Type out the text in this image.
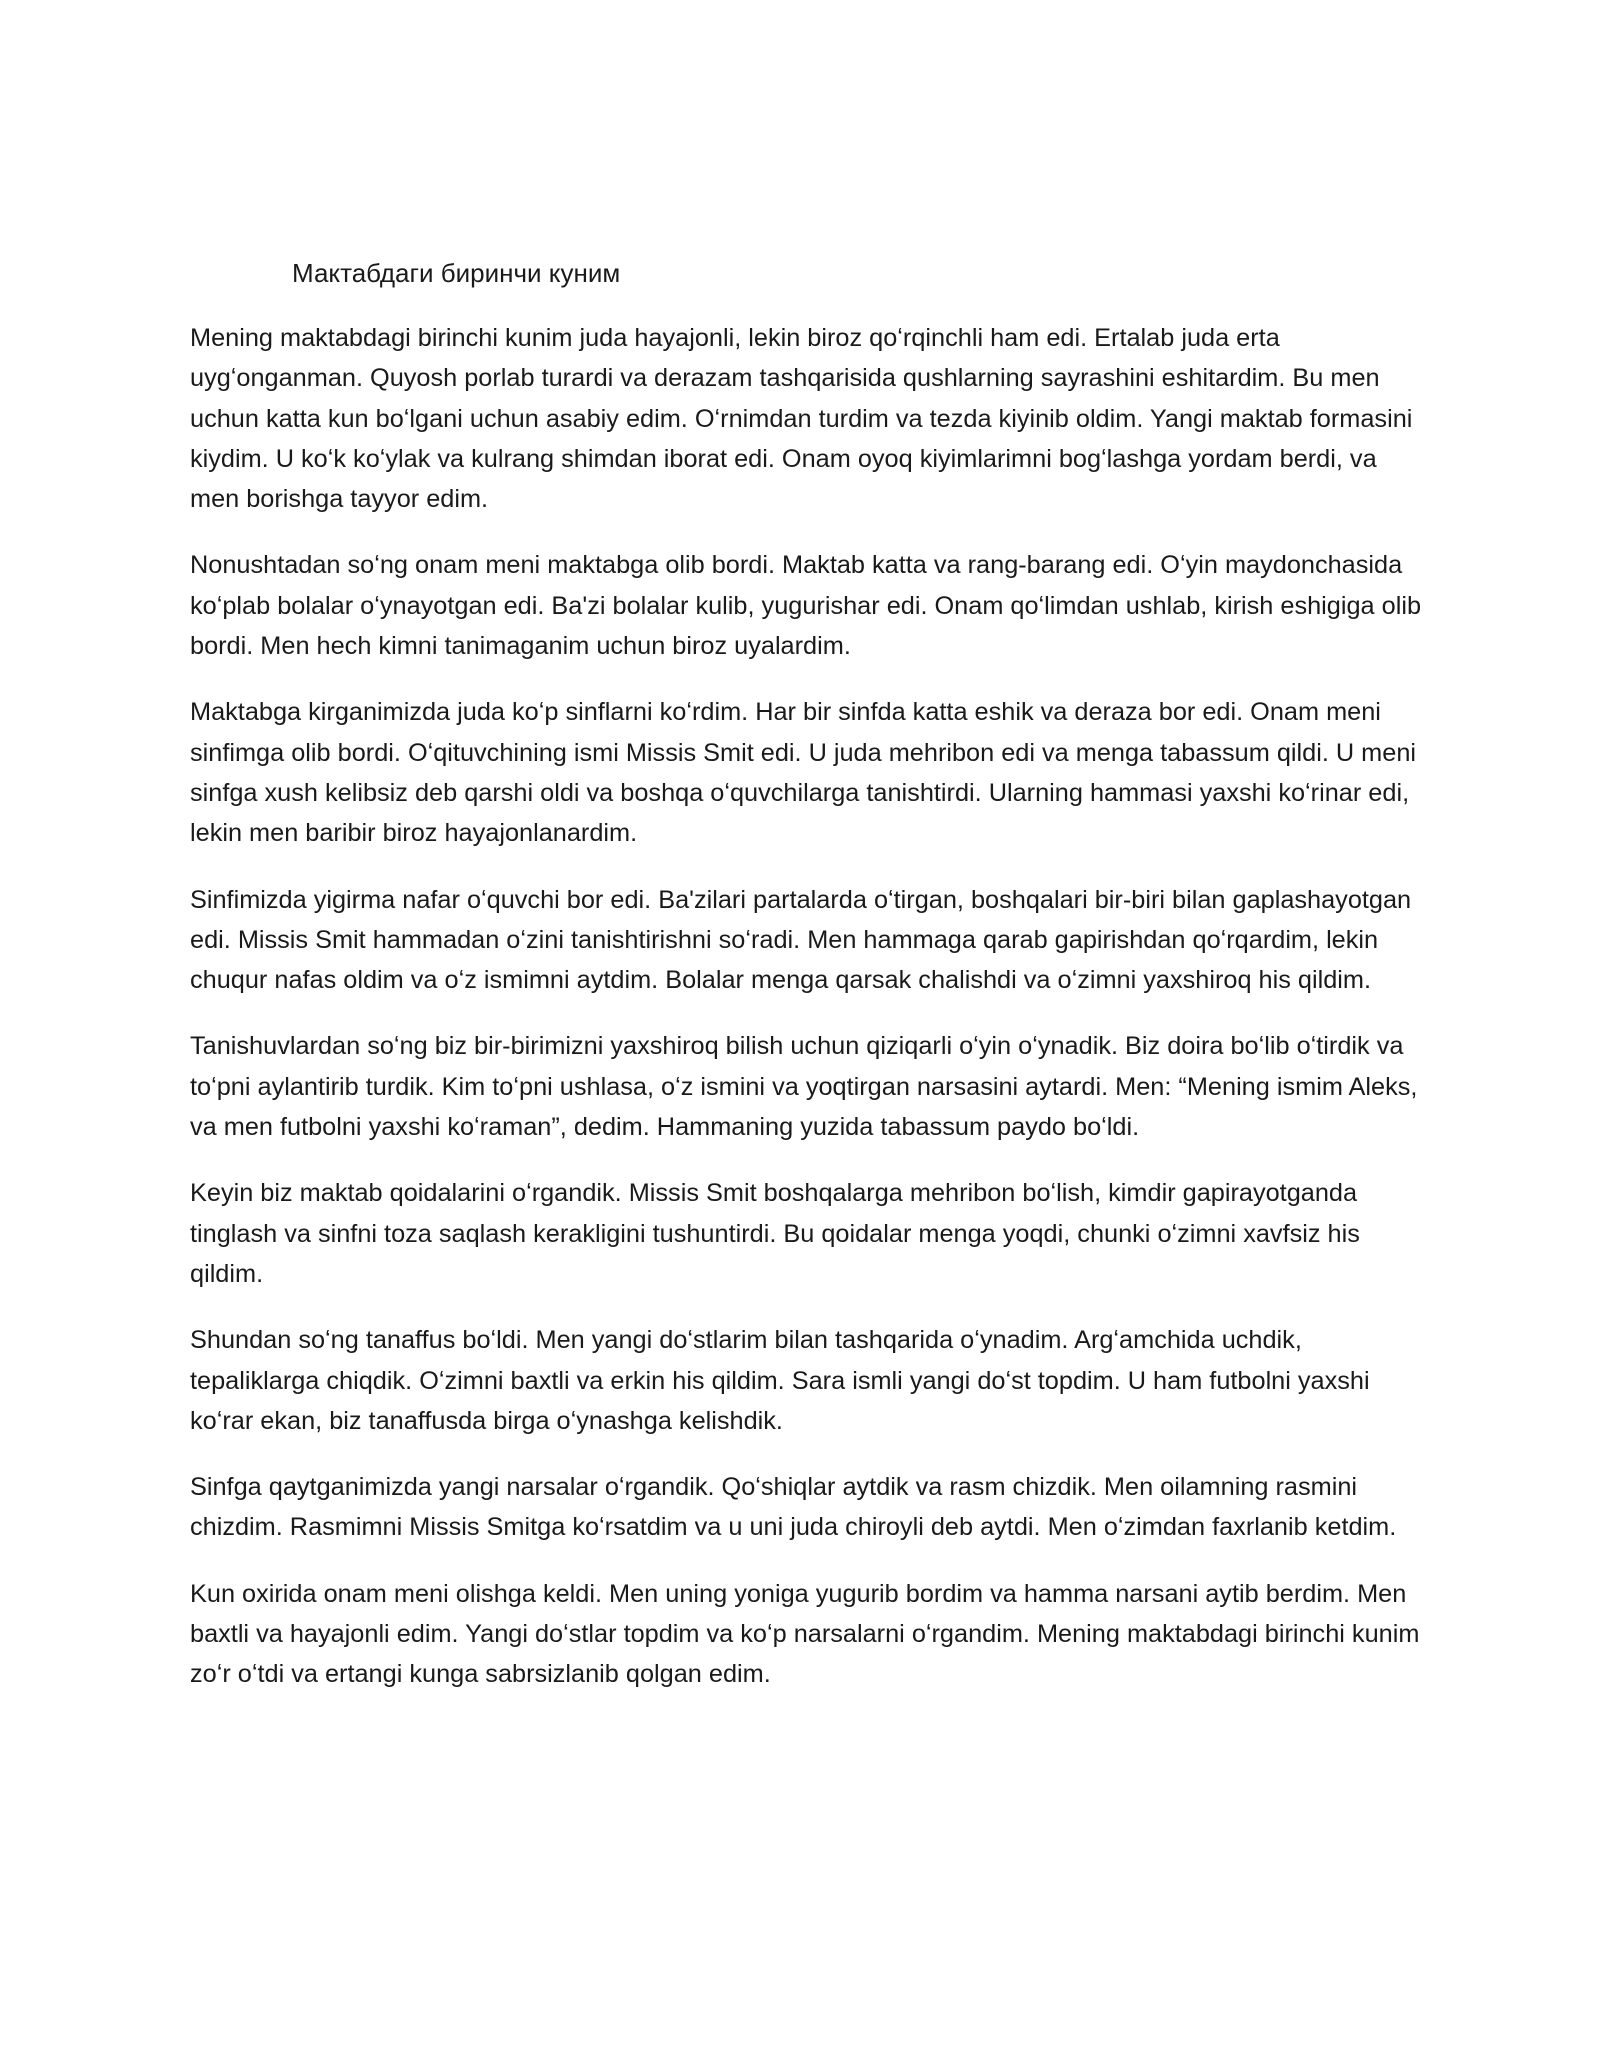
Мактабдаги биринчи куним

Mening maktabdagi birinchi kunim juda hayajonli, lekin biroz qoʻrqinchli ham edi. Ertalab juda erta uygʻonganman. Quyosh porlab turardi va derazam tashqarisida qushlarning sayrashini eshitardim. Bu men uchun katta kun boʻlgani uchun asabiy edim. Oʻrnimdan turdim va tezda kiyinib oldim. Yangi maktab formasini kiydim. U koʻk koʻylak va kulrang shimdan iborat edi. Onam oyoq kiyimlarimni bogʻlashga yordam berdi, va men borishga tayyor edim.

Nonushtadan soʻng onam meni maktabga olib bordi. Maktab katta va rang-barang edi. Oʻyin maydonchasida koʻplab bolalar oʻynayotgan edi. Ba'zi bolalar kulib, yugurishar edi. Onam qoʻlimdan ushlab, kirish eshigiga olib bordi. Men hech kimni tanimaganim uchun biroz uyalardim.

Maktabga kirganimizda juda koʻp sinflarni koʻrdim. Har bir sinfda katta eshik va deraza bor edi. Onam meni sinfimga olib bordi. Oʻqituvchining ismi Missis Smit edi. U juda mehribon edi va menga tabassum qildi. U meni sinfga xush kelibsiz deb qarshi oldi va boshqa oʻquvchilarga tanishtirdi. Ularning hammasi yaxshi koʻrinar edi, lekin men baribir biroz hayajonlanardim.

Sinfimizda yigirma nafar oʻquvchi bor edi. Ba'zilari partalarda oʻtirgan, boshqalari bir-biri bilan gaplashayotgan edi. Missis Smit hammadan oʻzini tanishtirishni soʻradi. Men hammaga qarab gapirishdan qoʻrqardim, lekin chuqur nafas oldim va oʻz ismimni aytdim. Bolalar menga qarsak chalishdi va oʻzimni yaxshiroq his qildim.

Tanishuvlardan soʻng biz bir-birimizni yaxshiroq bilish uchun qiziqarli oʻyin oʻynadik. Biz doira boʻlib oʻtirdik va toʻpni aylantirib turdik. Kim toʻpni ushlasa, oʻz ismini va yoqtirgan narsasini aytardi. Men: “Mening ismim Aleks, va men futbolni yaxshi koʻraman”, dedim. Hammaning yuzida tabassum paydo boʻldi.

Keyin biz maktab qoidalarini oʻrgandik. Missis Smit boshqalarga mehribon boʻlish, kimdir gapirayotganda tinglash va sinfni toza saqlash kerakligini tushuntirdi. Bu qoidalar menga yoqdi, chunki oʻzimni xavfsiz his qildim.

Shundan soʻng tanaffus boʻldi. Men yangi doʻstlarim bilan tashqarida oʻynadim. Argʻamchida uchdik, tepaliklarga chiqdik. Oʻzimni baxtli va erkin his qildim. Sara ismli yangi doʻst topdim. U ham futbolni yaxshi koʻrar ekan, biz tanaffusda birga oʻynashga kelishdik.

Sinfga qaytganimizda yangi narsalar oʻrgandik. Qoʻshiqlar aytdik va rasm chizdik. Men oilamning rasmini chizdim. Rasmimni Missis Smitga koʻrsatdim va u uni juda chiroyli deb aytdi. Men oʻzimdan faxrlanib ketdim.

Kun oxirida onam meni olishga keldi. Men uning yoniga yugurib bordim va hamma narsani aytib berdim. Men baxtli va hayajonli edim. Yangi doʻstlar topdim va koʻp narsalarni oʻrgandim. Mening maktabdagi birinchi kunim zoʻr oʻtdi va ertangi kunga sabrsizlanib qolgan edim.
